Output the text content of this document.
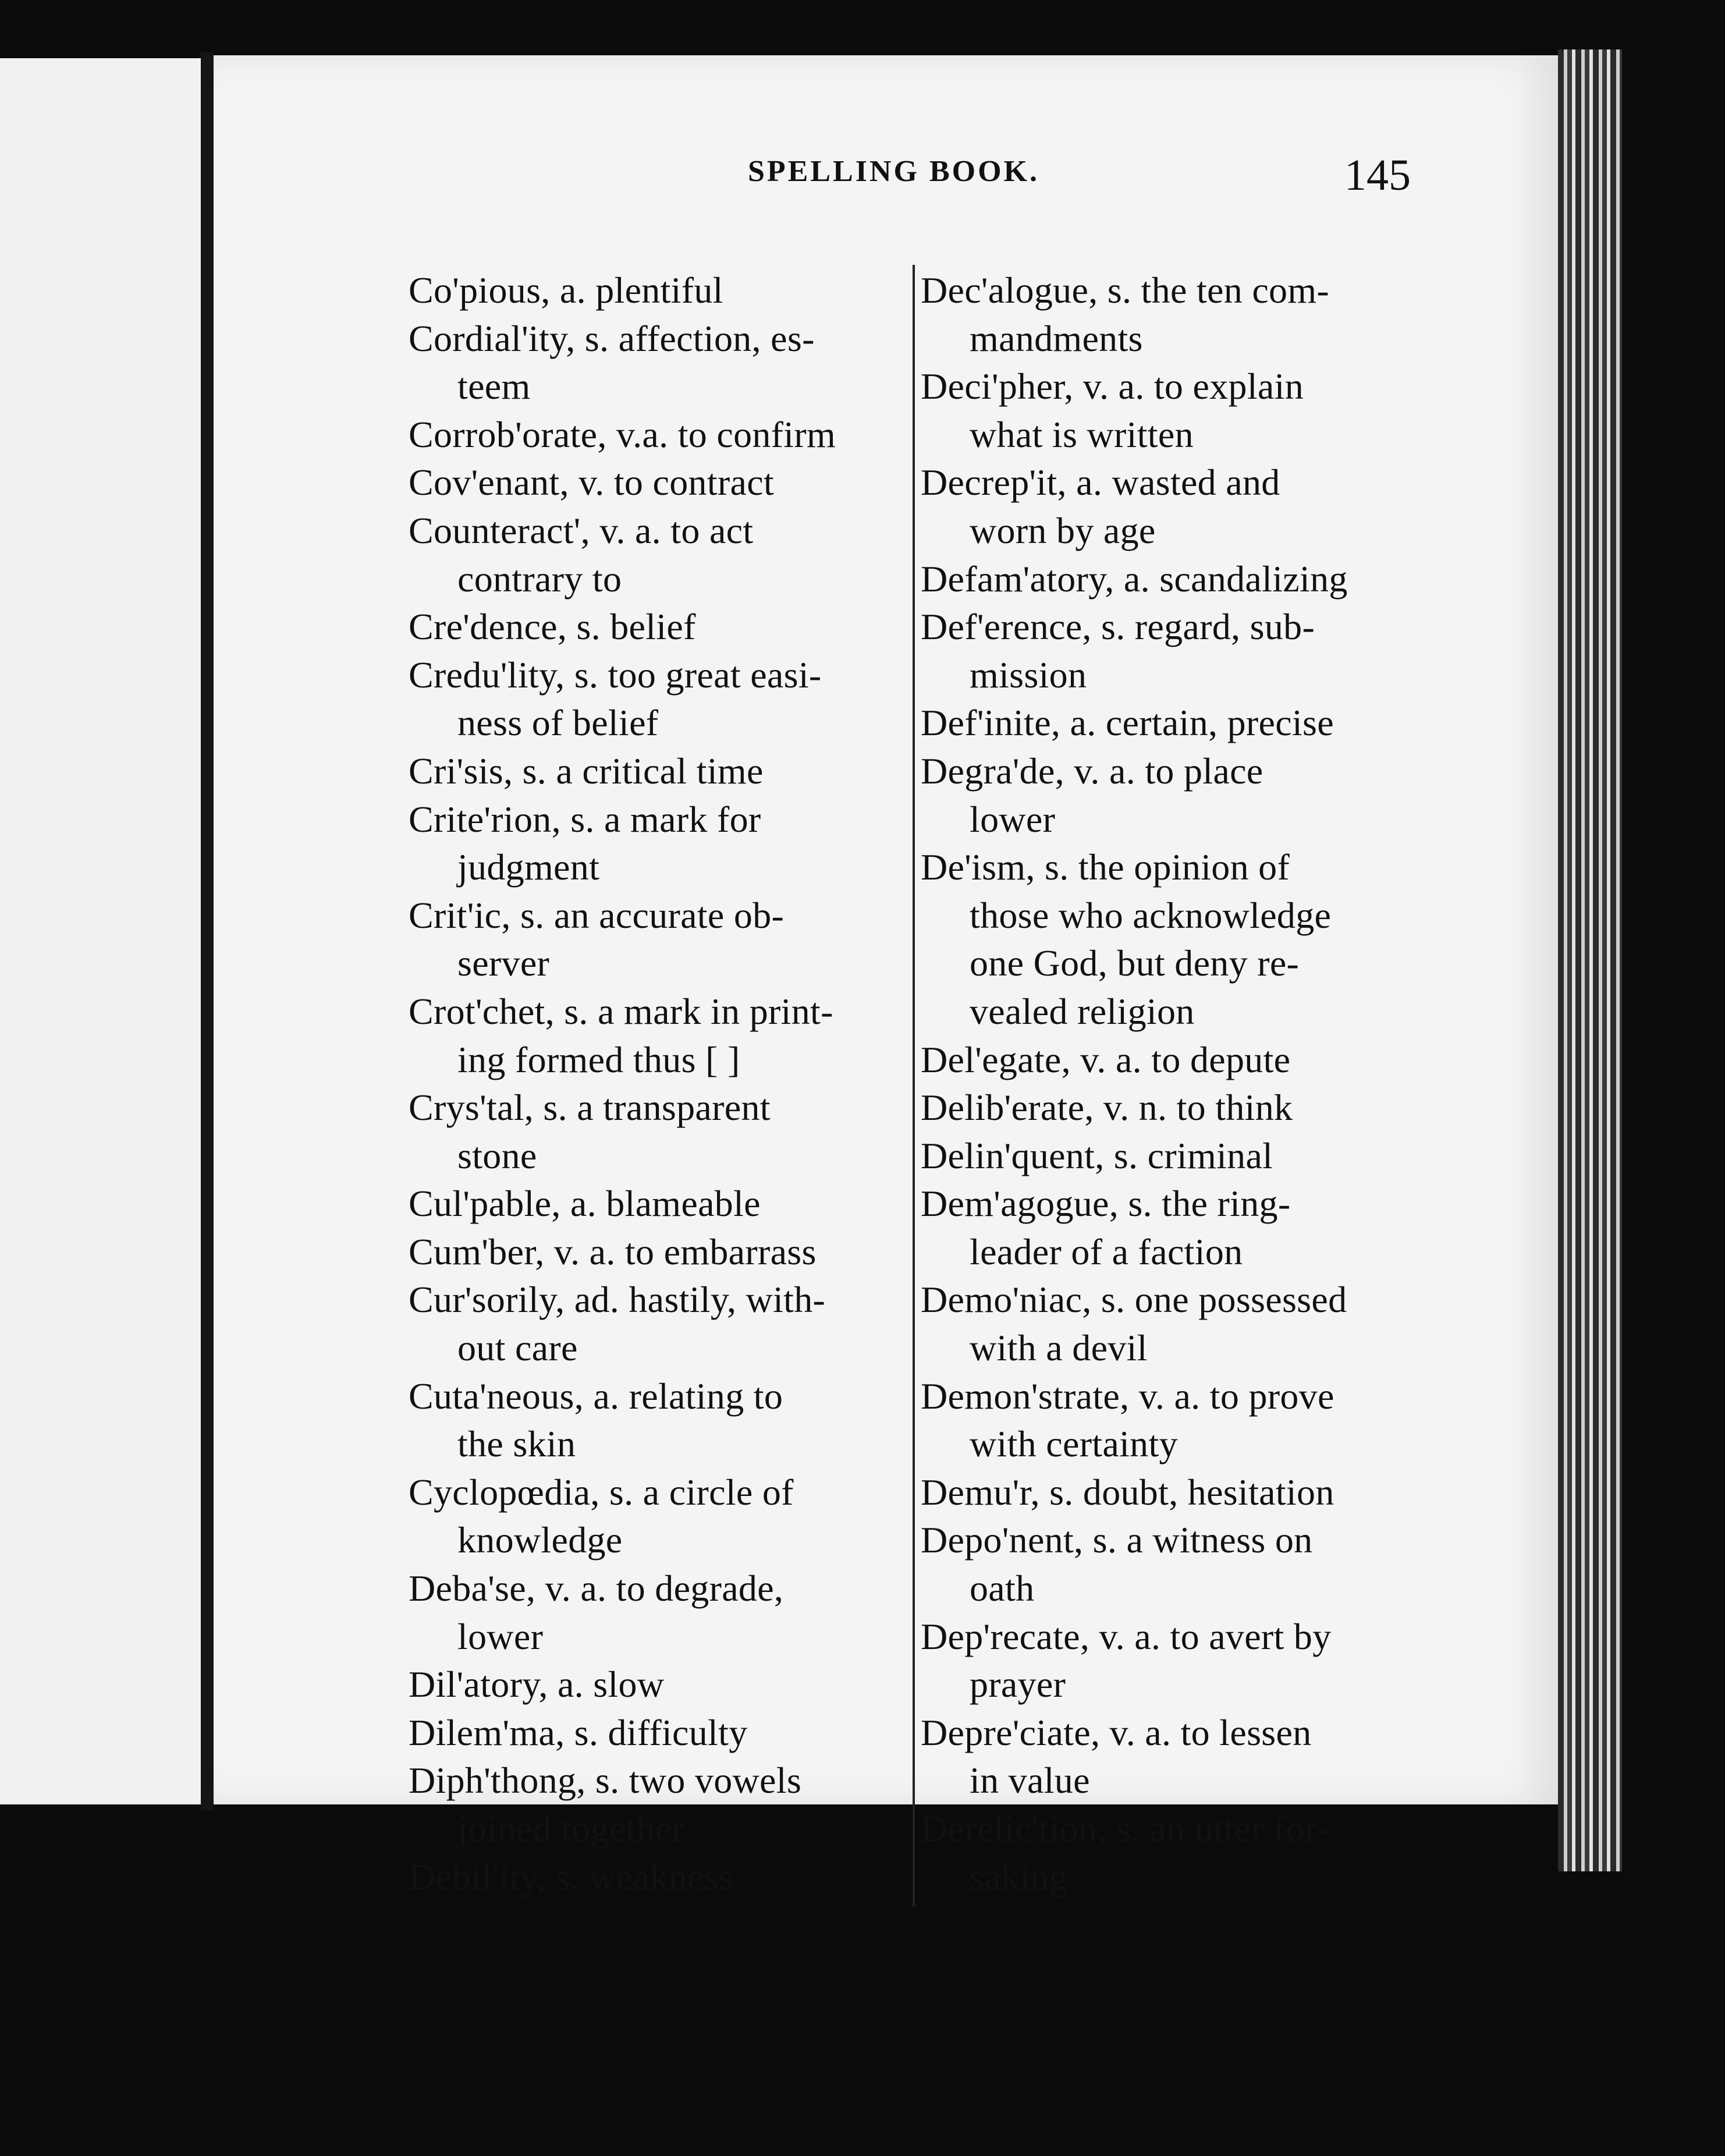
SPELLING BOOK.	145
Co'pious, a. plentiful
Cordial'ity, s. affection, es-
teem
Corrob'orate, v.a. to confirm
Cov'enant, v. to contract
Counteract', v. a. to act
contrary to
Cre'dence, s. belief
Credu'lity, s. too great easi-
ness of belief
Cri'sis, s. a critical time
Crite'rion, s. a mark for
judgment
Crit'ic, s. an accurate ob-
server
Crot'chet, s. a mark in print-
ing formed thus [ ]
Crys'tal, s. a transparent
stone
Cul'pable, a. blameable
Cum'ber, v. a. to embarrass
Cur'sorily, ad. hastily, with-
out care
Cuta'neous, a. relating to
the skin
Cyclopœdia, s. a circle of
knowledge
Deba'se, v. a. to degrade,
lower
Dil'atory, a. slow
Dilem'ma, s. difficulty
Diph'thong, s. two vowels
joined together
Debil'ity, s. weakness
Dec'alogue, s. the ten com-
mandments
Deci'pher, v. a. to explain
what is written
Decrep'it, a. wasted and
worn by age
Defam'atory, a. scandalizing
Def'erence, s. regard, sub-
mission
Def'inite, a. certain, precise
Degra'de, v. a. to place
lower
De'ism, s. the opinion of
those who acknowledge
one God, but deny re-
vealed religion
Del'egate, v. a. to depute
Delib'erate, v. n. to think
Delin'quent, s. criminal
Dem'agogue, s. the ring-
leader of a faction
Demo'niac, s. one possessed
with a devil
Demon'strate, v. a. to prove
with certainty
Demu'r, s. doubt, hesitation
Depo'nent, s. a witness on
oath
Dep'recate, v. a. to avert by
prayer
Depre'ciate, v. a. to lessen
in value
Derelic'tion, s. an utter for-
saking
